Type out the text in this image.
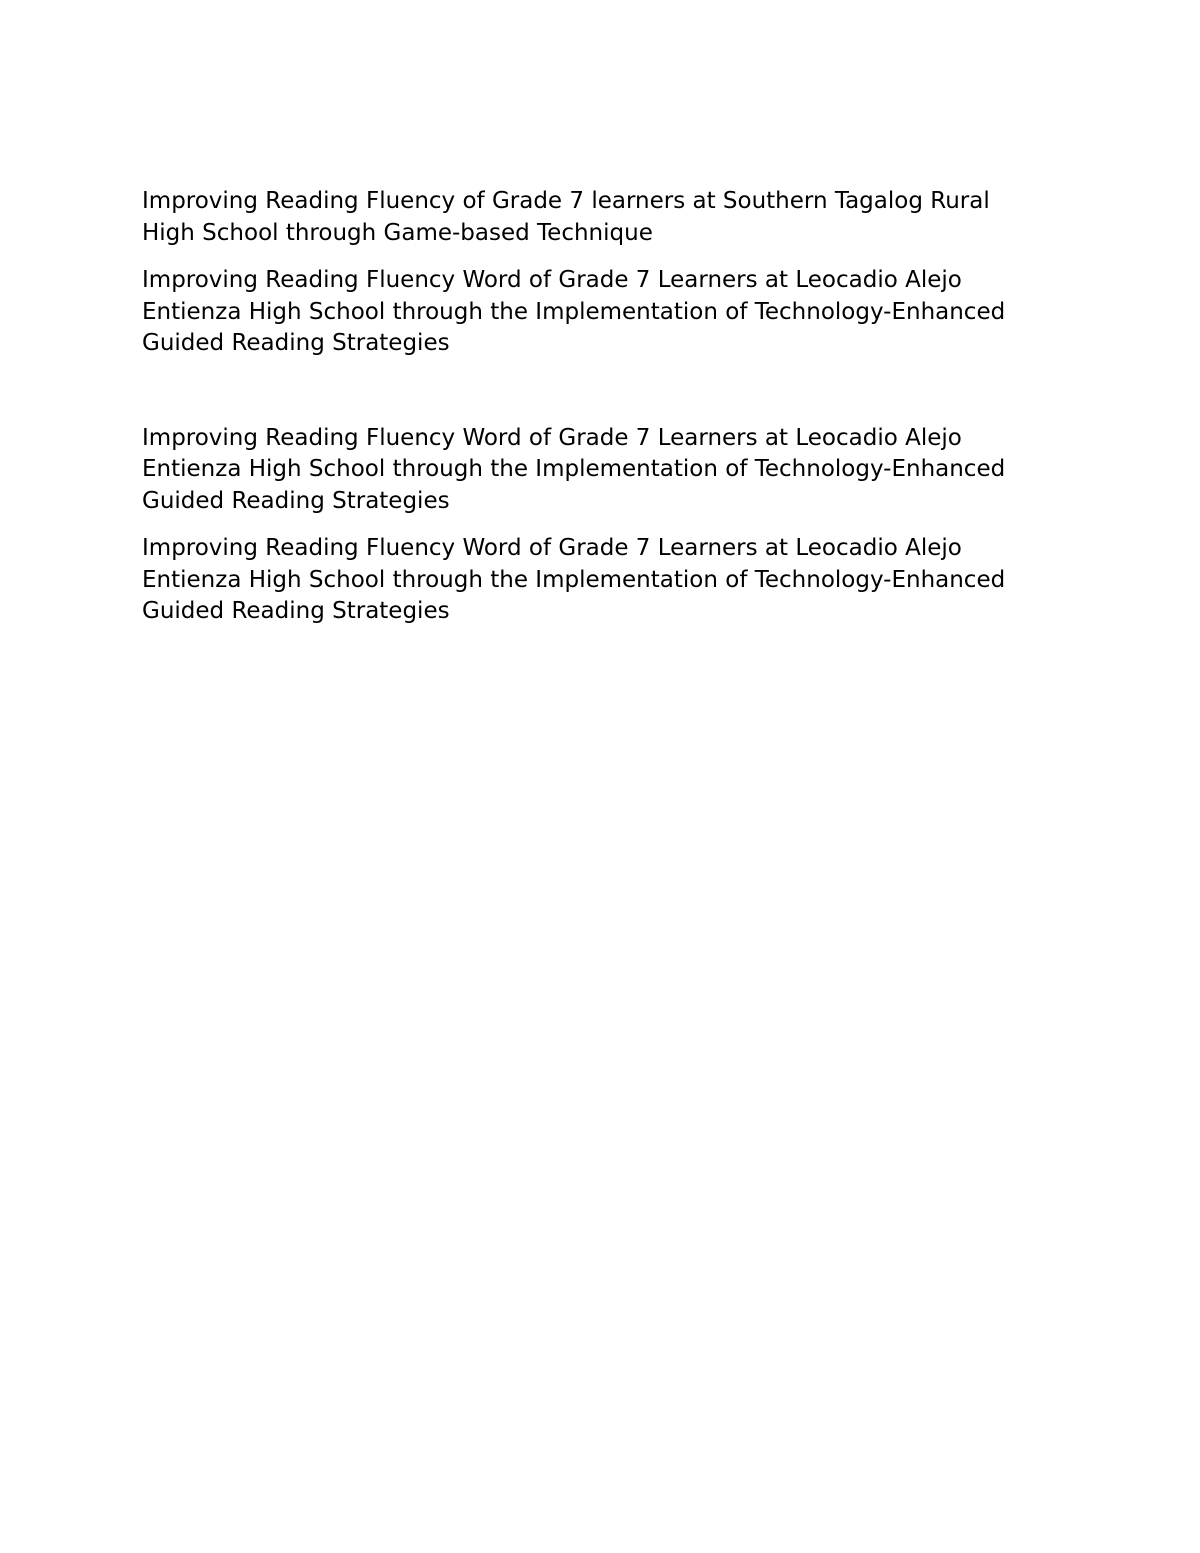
Improving Reading Fluency of Grade 7 learners at Southern Tagalog Rural
High School through Game-based Technique

Improving Reading Fluency Word of Grade 7 Learners at Leocadio Alejo
Entienza High School through the Implementation of Technology-Enhanced
Guided Reading Strategies

Improving Reading Fluency Word of Grade 7 Learners at Leocadio Alejo
Entienza High School through the Implementation of Technology-Enhanced
Guided Reading Strategies

Improving Reading Fluency Word of Grade 7 Learners at Leocadio Alejo
Entienza High School through the Implementation of Technology-Enhanced
Guided Reading Strategies
